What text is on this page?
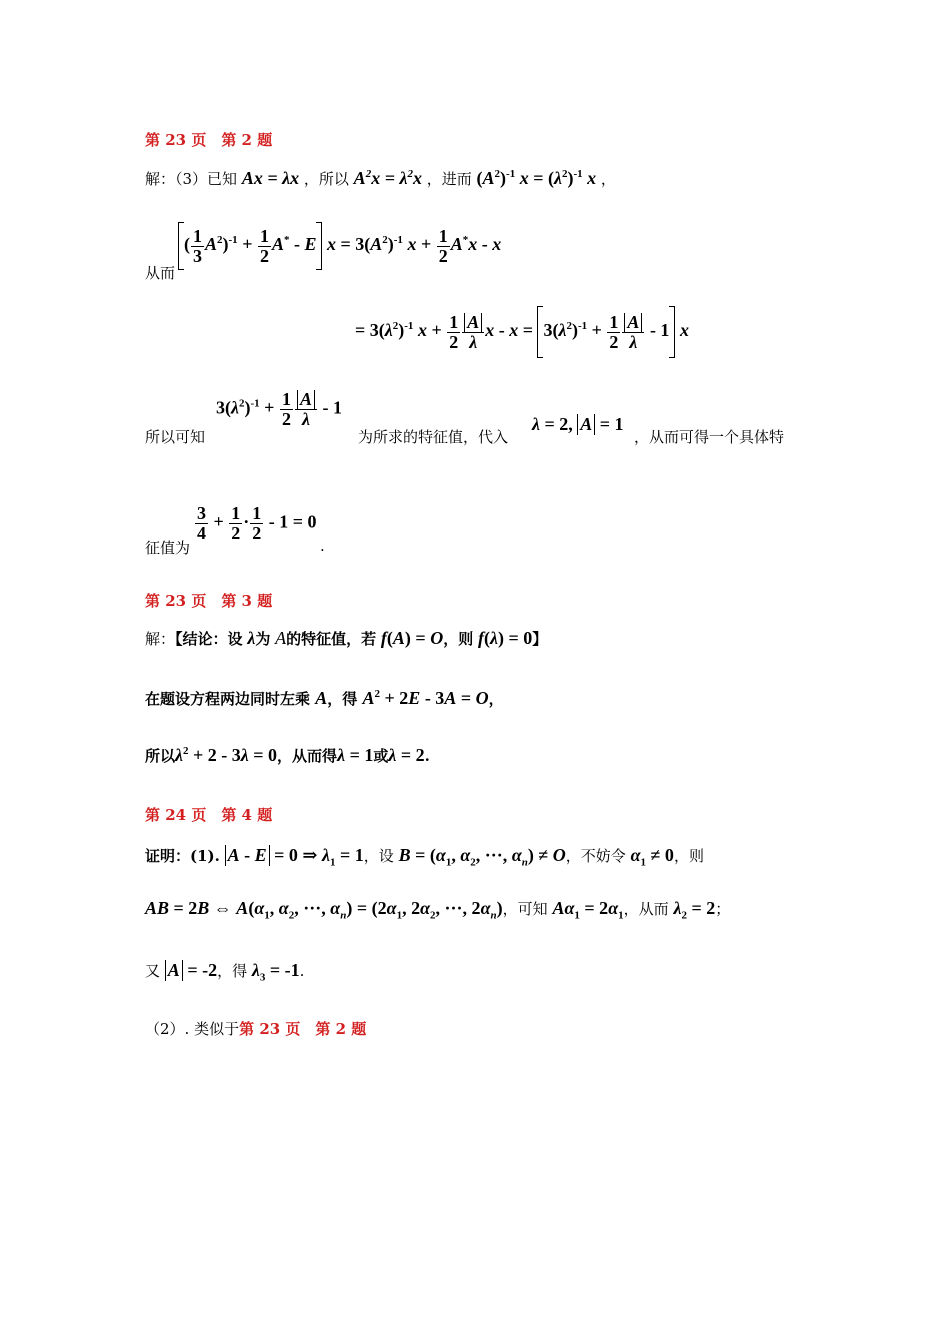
第 23 页　第 2 题
解：（3）已知 Ax = λx ，所以 $A^2x = \lambda^2x$ ，进而 $(A^2)^{-1}$ $x = (\lambda^2)^{-1}$ x ，
从而
( $\frac{1}{3} A^2)^{-1} + \frac{1}{2} A^* - E$ $x = 3(A^2)^{-1}$ $x + \frac{1}{2} A^*x - x$
= $3(\lambda^2)^{-1}$ $x + \frac{1}{2} \frac{A}{\lambda}$ $x - x = 3(\lambda^2)^{-1} + \frac{1}{2} \frac{A}{\lambda} - 1$ x
所以可知
$3(\lambda^2)^{-1} + \frac{1}{2} \frac{A}{\lambda} - 1$
为所求的特征值，代入
λ = 2, A = 1
，从而可得一个具体特
征值为
$\frac{3}{4} + \frac{1}{2} \cdot \frac{1}{2} - 1 = 0$
.
第 23 页　第 3 题
解：【结论：设 λ为 A的特征值，若 f(A) = O，则 f(λ) = 0】
在题设方程两边同时左乘 A，得 $A^2 + 2E - 3A = O$，
所以$\lambda^2 + 2 - 3\lambda = 0$，从而得λ = 1或λ = 2.
第 24 页　第 4 题
证明：(1). A - E = 0 ⇒ $\lambda_1 = 1$，设 $B = (\alpha_1$, $\alpha_2$, ···, $\alpha_n) \ne O$，不妨令 $\alpha_1 \ne 0$，则
AB = 2B ⇔ $A(\alpha_1$, $\alpha_2$, ···, $\alpha_n) = (2\alpha_1$, $2\alpha_2$, ···, $2\alpha_n$)，可知 $A\alpha_1 = 2\alpha_1$，从而 $\lambda_2 = 2$；
又 A = -2，得 $\lambda_3 = -1$.
（2）. 类似于第 23 页　第 2 题
